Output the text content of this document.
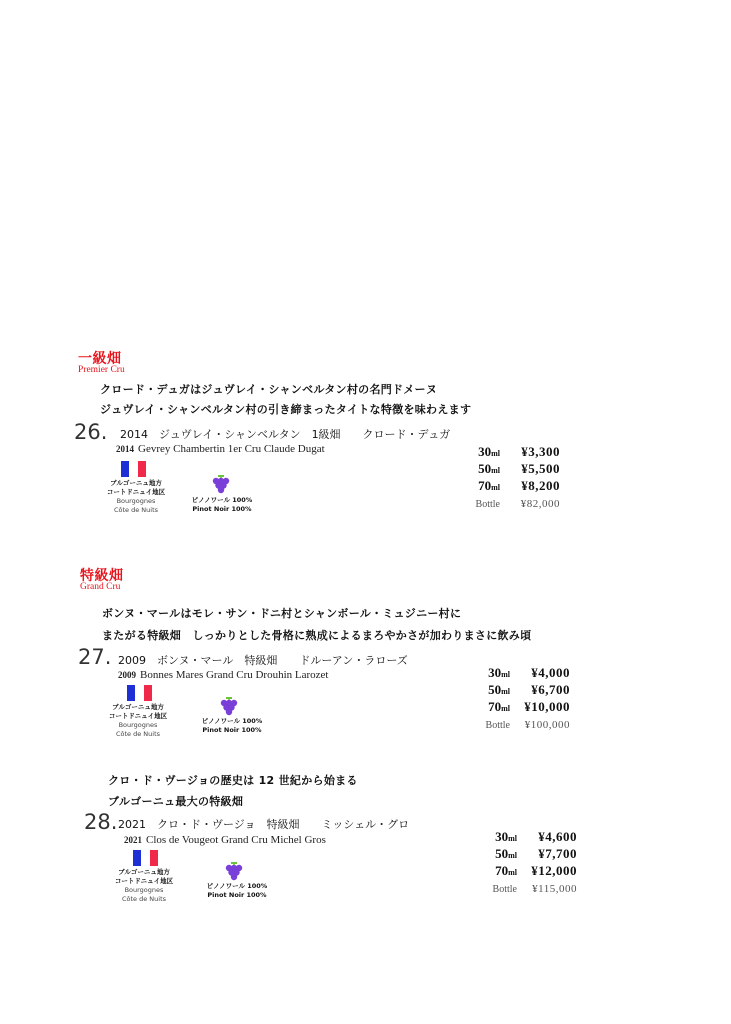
一級畑
Premier Cru
特級畑
Grand Cru
クロード・デュガはジュヴレイ・シャンベルタン村の名門ドメーヌ
ジュヴレイ・シャンベルタン村の引き締まったタイトな特徴を味わえます
26. 2014　ジュヴレイ・シャンベルタン　1級畑　　クロード・デュガ
2014 Gevrey Chambertin 1er Cru Claude Dugat
ブルゴーニュ地方
コートドニュイ地区
Bourgognes
Côte de Nuits
ピノノワール 100%
Pinot Noir 100%
30ml	¥3,300
50ml	¥5,500
70ml	¥8,200
Bottle	¥82,000
ボンヌ・マールはモレ・サン・ドニ村とシャンボール・ミュジニー村に
またがる特級畑　しっかりとした骨格に熟成によるまろやかさが加わりまさに飲み頃
27. 2009　ボンヌ・マール　特級畑　　ドルーアン・ラローズ
2009 Bonnes Mares Grand Cru Drouhin Larozet
ブルゴーニュ地方
コートドニュイ地区
Bourgognes
Côte de Nuits
ピノノワール 100%
Pinot Noir 100%
30ml	¥4,000
50ml	¥6,700
70ml	¥10,000
Bottle	¥100,000
クロ・ド・ヴージョの歴史は 12 世紀から始まる
ブルゴーニュ最大の特級畑
28. 2021　クロ・ド・ヴージョ　特級畑　　ミッシェル・グロ
2021 Clos de Vougeot Grand Cru Michel Gros
ブルゴーニュ地方
コートドニュイ地区
Bourgognes
Côte de Nuits
ピノノワール 100%
Pinot Noir 100%
30ml	¥4,600
50ml	¥7,700
70ml	¥12,000
Bottle	¥115,000
